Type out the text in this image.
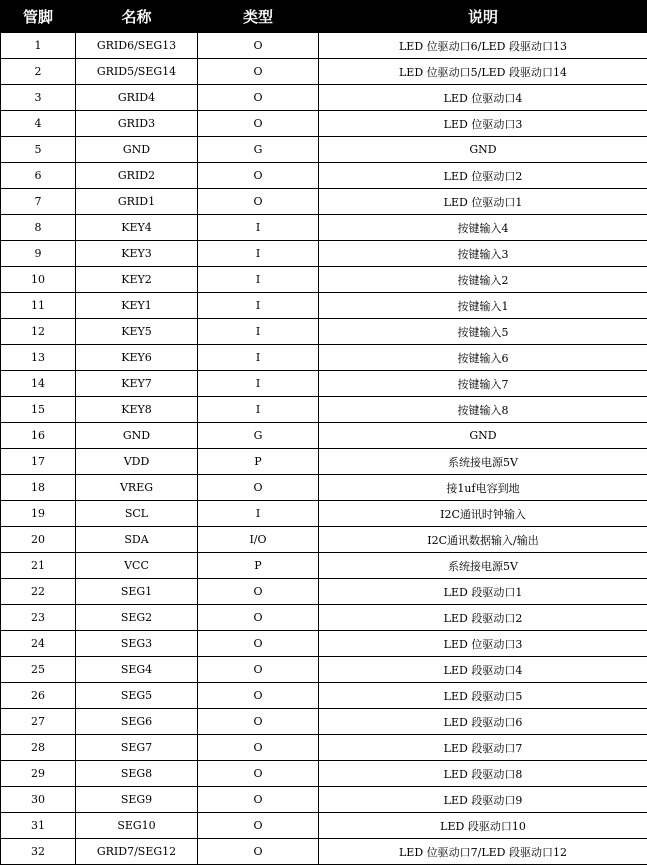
管脚	名称	类型	说明
1	GRID6/SEG13	O	LED 位驱动口6/LED 段驱动口13
2	GRID5/SEG14	O	LED 位驱动口5/LED 段驱动口14
3	GRID4	O	LED 位驱动口4
4	GRID3	O	LED 位驱动口3
5	GND	G	GND
6	GRID2	O	LED 位驱动口2
7	GRID1	O	LED 位驱动口1
8	KEY4	I	按键输入4
9	KEY3	I	按键输入3
10	KEY2	I	按键输入2
11	KEY1	I	按键输入1
12	KEY5	I	按键输入5
13	KEY6	I	按键输入6
14	KEY7	I	按键输入7
15	KEY8	I	按键输入8
16	GND	G	GND
17	VDD	P	系统接电源5V
18	VREG	O	接1uf电容到地
19	SCL	I	I2C通讯时钟输入
20	SDA	I/O	I2C通讯数据输入/输出
21	VCC	P	系统接电源5V
22	SEG1	O	LED 段驱动口1
23	SEG2	O	LED 段驱动口2
24	SEG3	O	LED 位驱动口3
25	SEG4	O	LED 段驱动口4
26	SEG5	O	LED 段驱动口5
27	SEG6	O	LED 段驱动口6
28	SEG7	O	LED 段驱动口7
29	SEG8	O	LED 段驱动口8
30	SEG9	O	LED 段驱动口9
31	SEG10	O	LED 段驱动口10
32	GRID7/SEG12	O	LED 位驱动口7/LED 段驱动口12
